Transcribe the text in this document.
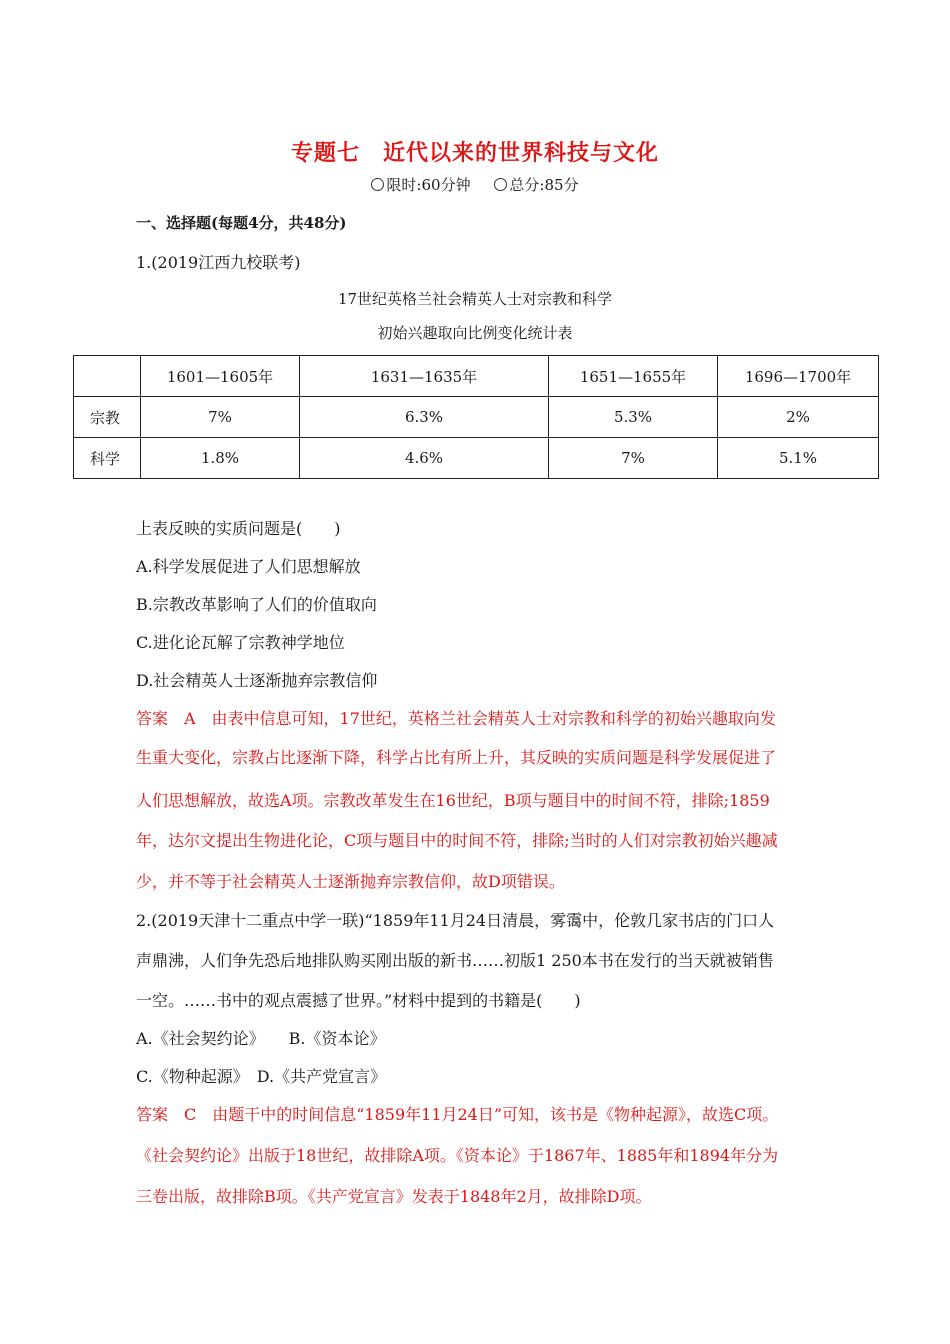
专题七　近代以来的世界科技与文化
限时:60分钟	总分:85分
一、选择题(每题4分，共48分)
1.(2019江西九校联考)
17世纪英格兰社会精英人士对宗教和科学
初始兴趣取向比例变化统计表
	1601—1605年	1631—1635年	1651—1655年	1696—1700年
宗教	7%	6.3%	5.3%	2%
科学	1.8%	4.6%	7%	5.1%
上表反映的实质问题是(　　)
A.科学发展促进了人们思想解放
B.宗教改革影响了人们的价值取向
C.进化论瓦解了宗教神学地位
D.社会精英人士逐渐抛弃宗教信仰
答案　A　由表中信息可知，17世纪，英格兰社会精英人士对宗教和科学的初始兴趣取向发
生重大变化，宗教占比逐渐下降，科学占比有所上升，其反映的实质问题是科学发展促进了
人们思想解放，故选A项。宗教改革发生在16世纪，B项与题目中的时间不符，排除;1859
年，达尔文提出生物进化论，C项与题目中的时间不符，排除;当时的人们对宗教初始兴趣减
少，并不等于社会精英人士逐渐抛弃宗教信仰，故D项错误。
2.(2019天津十二重点中学一联)“1859年11月24日清晨，雾霭中，伦敦几家书店的门口人
声鼎沸，人们争先恐后地排队购买刚出版的新书……初版1 250本书在发行的当天就被销售
一空。……书中的观点震撼了世界。”材料中提到的书籍是(　　)
A.《社会契约论》　　B.《资本论》
C.《物种起源》　D.《共产党宣言》
答案　C　由题干中的时间信息“1859年11月24日”可知，该书是《物种起源》，故选C项。
《社会契约论》出版于18世纪，故排除A项。《资本论》于1867年、1885年和1894年分为
三卷出版，故排除B项。《共产党宣言》发表于1848年2月，故排除D项。
